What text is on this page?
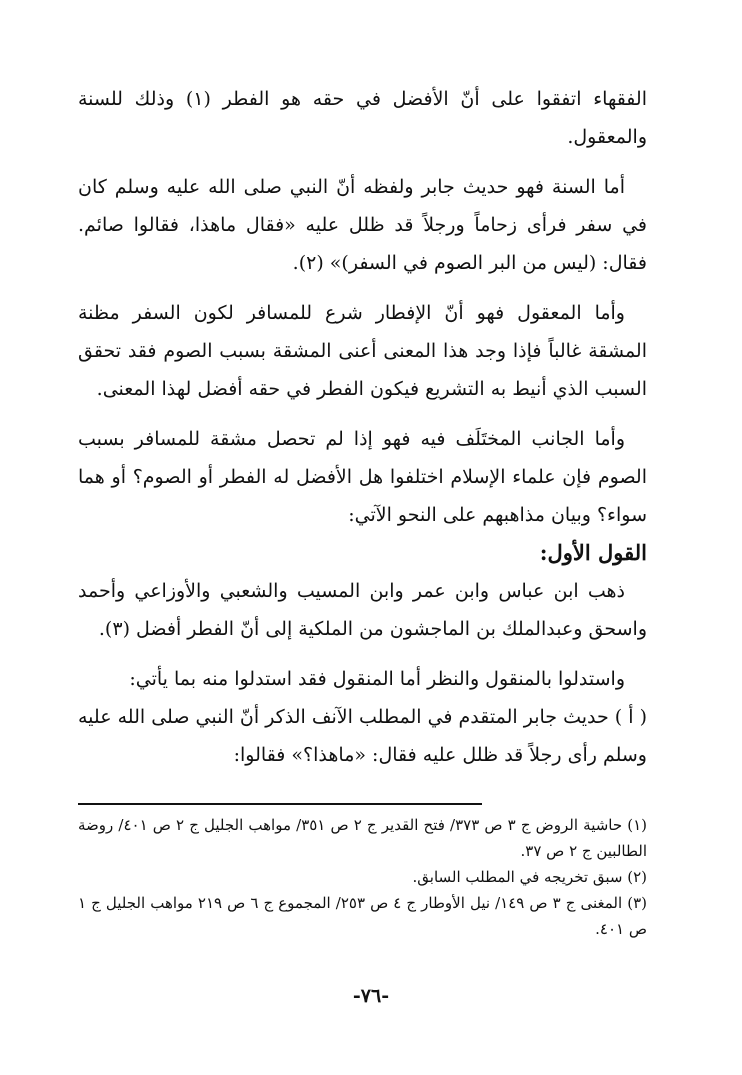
الفقهاء اتفقوا على أنّ الأفضل في حقه هو الفطر (١) وذلك للسنة والمعقول.

أما السنة فهو حديث جابر ولفظه أنّ النبي صلى الله عليه وسلم كان في سفر فرأى زحاماً ورجلاً قد ظلل عليه «فقال ماهذا، فقالوا صائم. فقال: (ليس من البر الصوم في السفر)» (٢).

وأما المعقول فهو أنّ الإفطار شرع للمسافر لكون السفر مظنة المشقة غالباً فإذا وجد هذا المعنى أعنى المشقة بسبب الصوم فقد تحقق السبب الذي أنيط به التشريع فيكون الفطر في حقه أفضل لهذا المعنى.

وأما الجانب المختَلَف فيه فهو إذا لم تحصل مشقة للمسافر بسبب الصوم فإن علماء الإسلام اختلفوا هل الأفضل له الفطر أو الصوم؟ أو هما سواء؟ وبيان مذاهبهم على النحو الآتي:

القول الأول:

ذهب ابن عباس وابن عمر وابن المسيب والشعبي والأوزاعي وأحمد واسحق وعبدالملك بن الماجشون من الملكية إلى أنّ الفطر أفضل (٣).

واستدلوا بالمنقول والنظر أما المنقول فقد استدلوا منه بما يأتي:

( أ ) حديث جابر المتقدم في المطلب الآنف الذكر أنّ النبي صلى الله عليه وسلم رأى رجلاً قد ظلل عليه فقال: «ماهذا؟» فقالوا:

(١) حاشية الروض ج ٣ ص ٣٧٣/ فتح القدير ج ٢ ص ٣٥١/ مواهب الجليل ج ٢ ص ٤٠١/ روضة الطالبين ج ٢ ص ٣٧.

(٢) سبق تخريجه في المطلب السابق.

(٣) المغنى ج ٣ ص ١٤٩/ نيل الأوطار ج ٤ ص ٢٥٣/ المجموع ج ٦ ص ٢١٩ مواهب الجليل ج ١ ص ٤٠١.

-٧٦-
